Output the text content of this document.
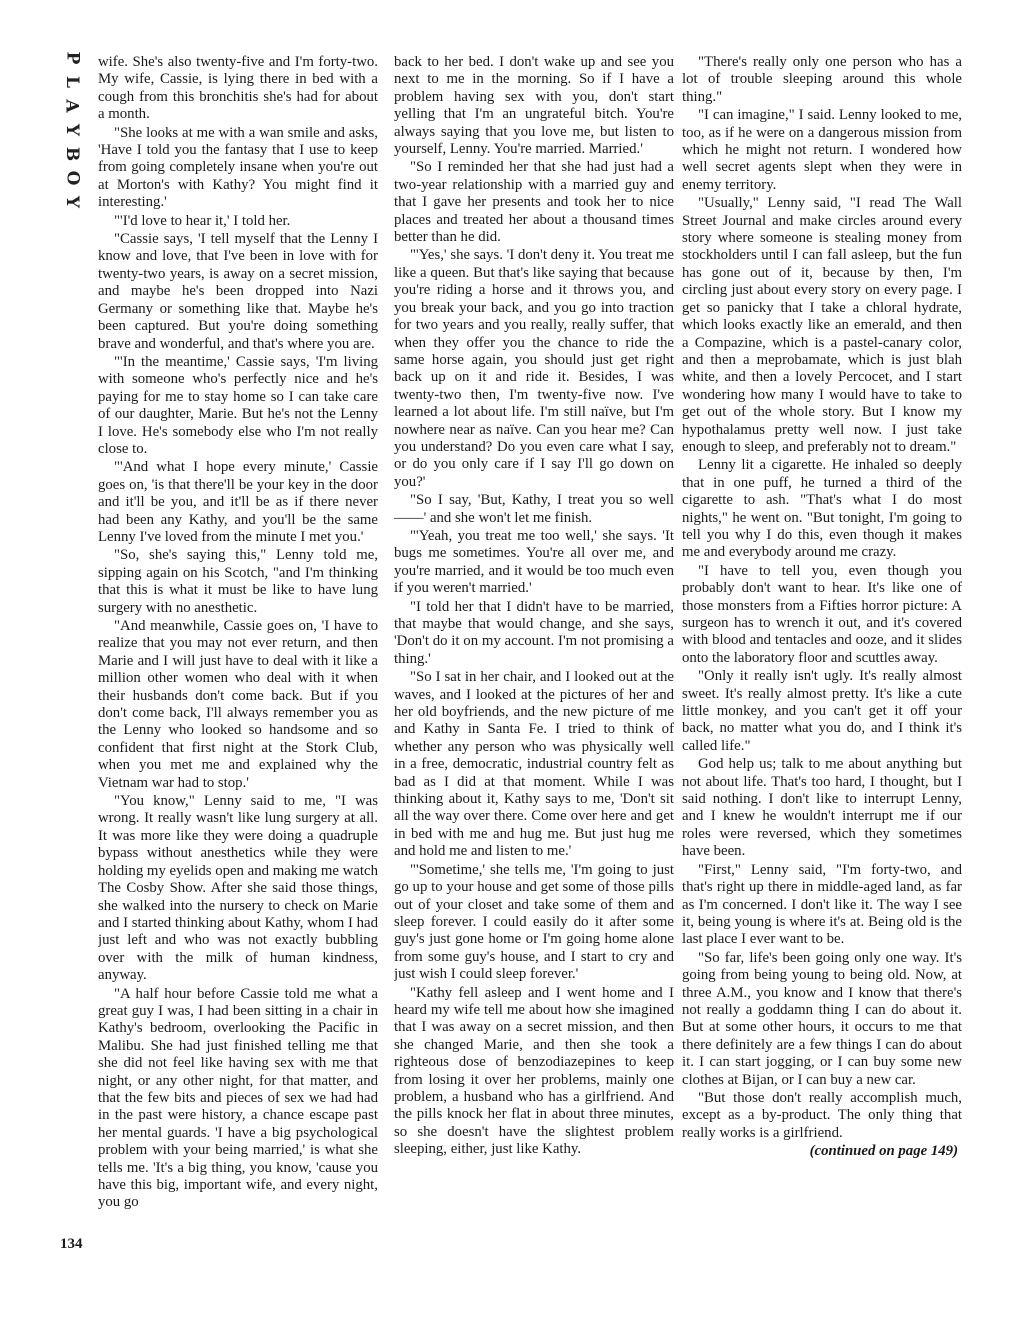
P
L
A
Y
B
O
Y

wife. She's also twenty-five and I'm forty-two. My wife, Cassie, is lying there in bed with a cough from this bronchitis she's had for about a month.

"She looks at me with a wan smile and asks, 'Have I told you the fantasy that I use to keep from going completely insane when you're out at Morton's with Kathy? You might find it interesting.'

"'I'd love to hear it,' I told her.

"Cassie says, 'I tell myself that the Lenny I know and love, that I've been in love with for twenty-two years, is away on a secret mission, and maybe he's been dropped into Nazi Germany or something like that. Maybe he's been captured. But you're doing something brave and wonderful, and that's where you are.

"'In the meantime,' Cassie says, 'I'm living with someone who's perfectly nice and he's paying for me to stay home so I can take care of our daughter, Marie. But he's not the Lenny I love. He's somebody else who I'm not really close to.

"'And what I hope every minute,' Cassie goes on, 'is that there'll be your key in the door and it'll be you, and it'll be as if there never had been any Kathy, and you'll be the same Lenny I've loved from the minute I met you.'

"So, she's saying this," Lenny told me, sipping again on his Scotch, "and I'm thinking that this is what it must be like to have lung surgery with no anesthetic.

"And meanwhile, Cassie goes on, 'I have to realize that you may not ever return, and then Marie and I will just have to deal with it like a million other women who deal with it when their husbands don't come back. But if you don't come back, I'll always remember you as the Lenny who looked so handsome and so confident that first night at the Stork Club, when you met me and explained why the Vietnam war had to stop.'

"You know," Lenny said to me, "I was wrong. It really wasn't like lung surgery at all. It was more like they were doing a quadruple bypass without anesthetics while they were holding my eyelids open and making me watch The Cosby Show. After she said those things, she walked into the nursery to check on Marie and I started thinking about Kathy, whom I had just left and who was not exactly bubbling over with the milk of human kindness, anyway.

"A half hour before Cassie told me what a great guy I was, I had been sitting in a chair in Kathy's bedroom, overlooking the Pacific in Malibu. She had just finished telling me that she did not feel like having sex with me that night, or any other night, for that matter, and that the few bits and pieces of sex we had had in the past were history, a chance escape past her mental guards. 'I have a big psychological problem with your being married,' is what she tells me. 'It's a big thing, you know, 'cause you have this big, important wife, and every night, you go

back to her bed. I don't wake up and see you next to me in the morning. So if I have a problem having sex with you, don't start yelling that I'm an ungrateful bitch. You're always saying that you love me, but listen to yourself, Lenny. You're married. Married.'

"So I reminded her that she had just had a two-year relationship with a married guy and that I gave her presents and took her to nice places and treated her about a thousand times better than he did.

"'Yes,' she says. 'I don't deny it. You treat me like a queen. But that's like saying that because you're riding a horse and it throws you, and you break your back, and you go into traction for two years and you really, really suffer, that when they offer you the chance to ride the same horse again, you should just get right back up on it and ride it. Besides, I was twenty-two then, I'm twenty-five now. I've learned a lot about life. I'm still naïve, but I'm nowhere near as naïve. Can you hear me? Can you understand? Do you even care what I say, or do you only care if I say I'll go down on you?'

"So I say, 'But, Kathy, I treat you so well——' and she won't let me finish.

"'Yeah, you treat me too well,' she says. 'It bugs me sometimes. You're all over me, and you're married, and it would be too much even if you weren't married.'

"I told her that I didn't have to be married, that maybe that would change, and she says, 'Don't do it on my account. I'm not promising a thing.'

"So I sat in her chair, and I looked out at the waves, and I looked at the pictures of her and her old boyfriends, and the new picture of me and Kathy in Santa Fe. I tried to think of whether any person who was physically well in a free, democratic, industrial country felt as bad as I did at that moment. While I was thinking about it, Kathy says to me, 'Don't sit all the way over there. Come over here and get in bed with me and hug me. But just hug me and hold me and listen to me.'

"'Sometime,' she tells me, 'I'm going to just go up to your house and get some of those pills out of your closet and take some of them and sleep forever. I could easily do it after some guy's just gone home or I'm going home alone from some guy's house, and I start to cry and just wish I could sleep forever.'

"Kathy fell asleep and I went home and I heard my wife tell me about how she imagined that I was away on a secret mission, and then she changed Marie, and then she took a righteous dose of benzodiazepines to keep from losing it over her problems, mainly one problem, a husband who has a girlfriend. And the pills knock her flat in about three minutes, so she doesn't have the slightest problem sleeping, either, just like Kathy.

"There's really only one person who has a lot of trouble sleeping around this whole thing."

"I can imagine," I said. Lenny looked to me, too, as if he were on a dangerous mission from which he might not return. I wondered how well secret agents slept when they were in enemy territory.

"Usually," Lenny said, "I read The Wall Street Journal and make circles around every story where someone is stealing money from stockholders until I can fall asleep, but the fun has gone out of it, because by then, I'm circling just about every story on every page. I get so panicky that I take a chloral hydrate, which looks exactly like an emerald, and then a Compazine, which is a pastel-canary color, and then a meprobamate, which is just blah white, and then a lovely Percocet, and I start wondering how many I would have to take to get out of the whole story. But I know my hypothalamus pretty well now. I just take enough to sleep, and preferably not to dream."

Lenny lit a cigarette. He inhaled so deeply that in one puff, he turned a third of the cigarette to ash. "That's what I do most nights," he went on. "But tonight, I'm going to tell you why I do this, even though it makes me and everybody around me crazy.

"I have to tell you, even though you probably don't want to hear. It's like one of those monsters from a Fifties horror picture: A surgeon has to wrench it out, and it's covered with blood and tentacles and ooze, and it slides onto the laboratory floor and scuttles away.

"Only it really isn't ugly. It's really almost sweet. It's really almost pretty. It's like a cute little monkey, and you can't get it off your back, no matter what you do, and I think it's called life."

God help us; talk to me about anything but not about life. That's too hard, I thought, but I said nothing. I don't like to interrupt Lenny, and I knew he wouldn't interrupt me if our roles were reversed, which they sometimes have been.

"First," Lenny said, "I'm forty-two, and that's right up there in middle-aged land, as far as I'm concerned. I don't like it. The way I see it, being young is where it's at. Being old is the last place I ever want to be.

"So far, life's been going only one way. It's going from being young to being old. Now, at three A.M., you know and I know that there's not really a goddamn thing I can do about it. But at some other hours, it occurs to me that there definitely are a few things I can do about it. I can start jogging, or I can buy some new clothes at Bijan, or I can buy a new car.

"But those don't really accomplish much, except as a by-product. The only thing that really works is a girlfriend.

(continued on page 149)

134
